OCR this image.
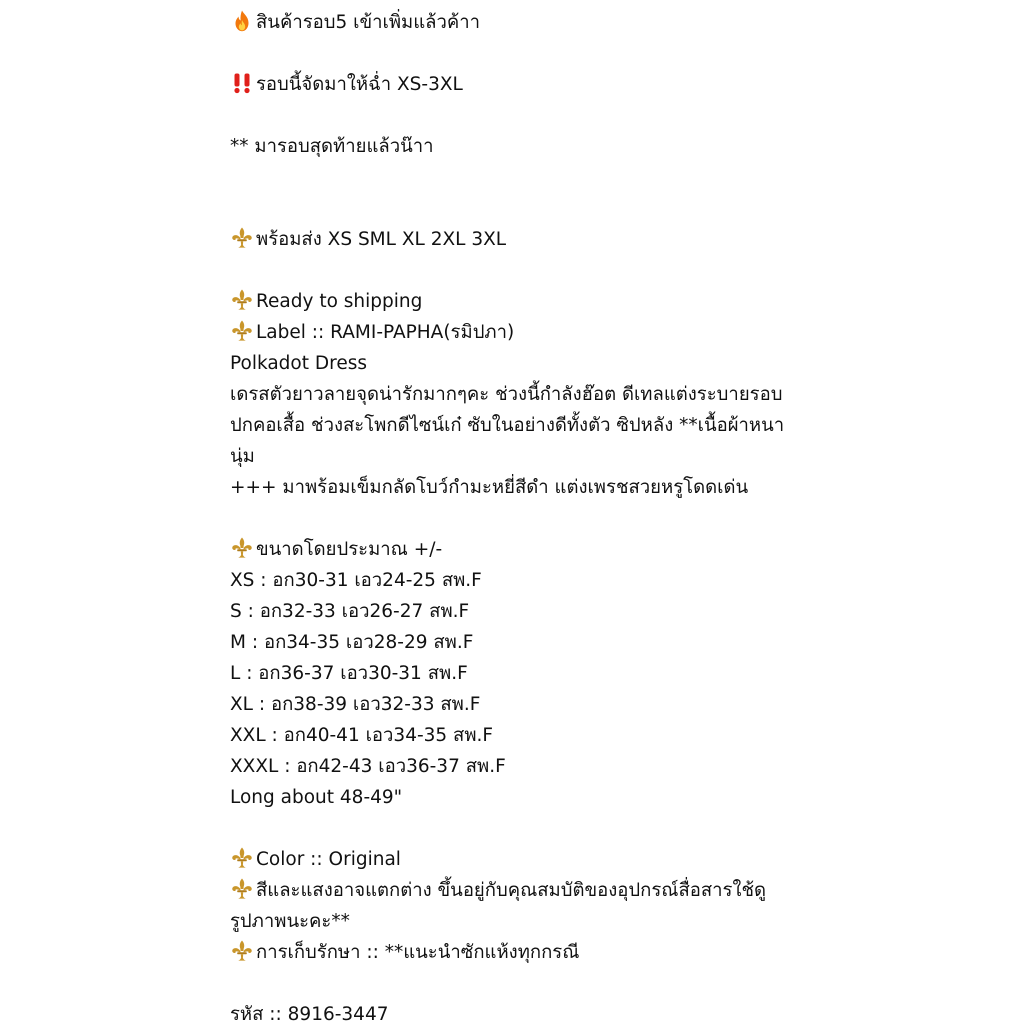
สินค้ารอบ5 เข้าเพิ่มแล้วค้าา
รอบนี้จัดมาให้ฉ่ำ XS-3XL
** มารอบสุดท้ายแล้วน๊าา
พร้อมส่ง XS SML XL 2XL 3XL
Ready to shipping
Label :: RAMI-PAPHA(รมิปภา)
Polkadot Dress
เดรสตัวยาวลายจุดน่ารักมากๆคะ ช่วงนี้กำลังฮ๊อต ดีเทลแต่งระบายรอบ
ปกคอเสื้อ ช่วงสะโพกดีไซน์เก๋ ซับในอย่างดีทั้งตัว ซิปหลัง **เนื้อผ้าหนา
นุ่ม
+++ มาพร้อมเข็มกลัดโบว์กำมะหยี่สีดำ แต่งเพรชสวยหรูโดดเด่น
ขนาดโดยประมาณ +/-
XS : อก30-31 เอว24-25 สพ.F
S : อก32-33 เอว26-27 สพ.F
M : อก34-35 เอว28-29 สพ.F
L : อก36-37 เอว30-31 สพ.F
XL : อก38-39 เอว32-33 สพ.F
XXL : อก40-41 เอว34-35 สพ.F
XXXL : อก42-43 เอว36-37 สพ.F
Long about 48-49"
Color :: Original
สีและแสงอาจแตกต่าง ขึ้นอยู่กับคุณสมบัติของอุปกรณ์สื่อสารใช้ดู
รูปภาพนะคะ**
การเก็บรักษา :: **แนะนำซักแห้งทุกกรณี
รหัส :: 8916-3447
